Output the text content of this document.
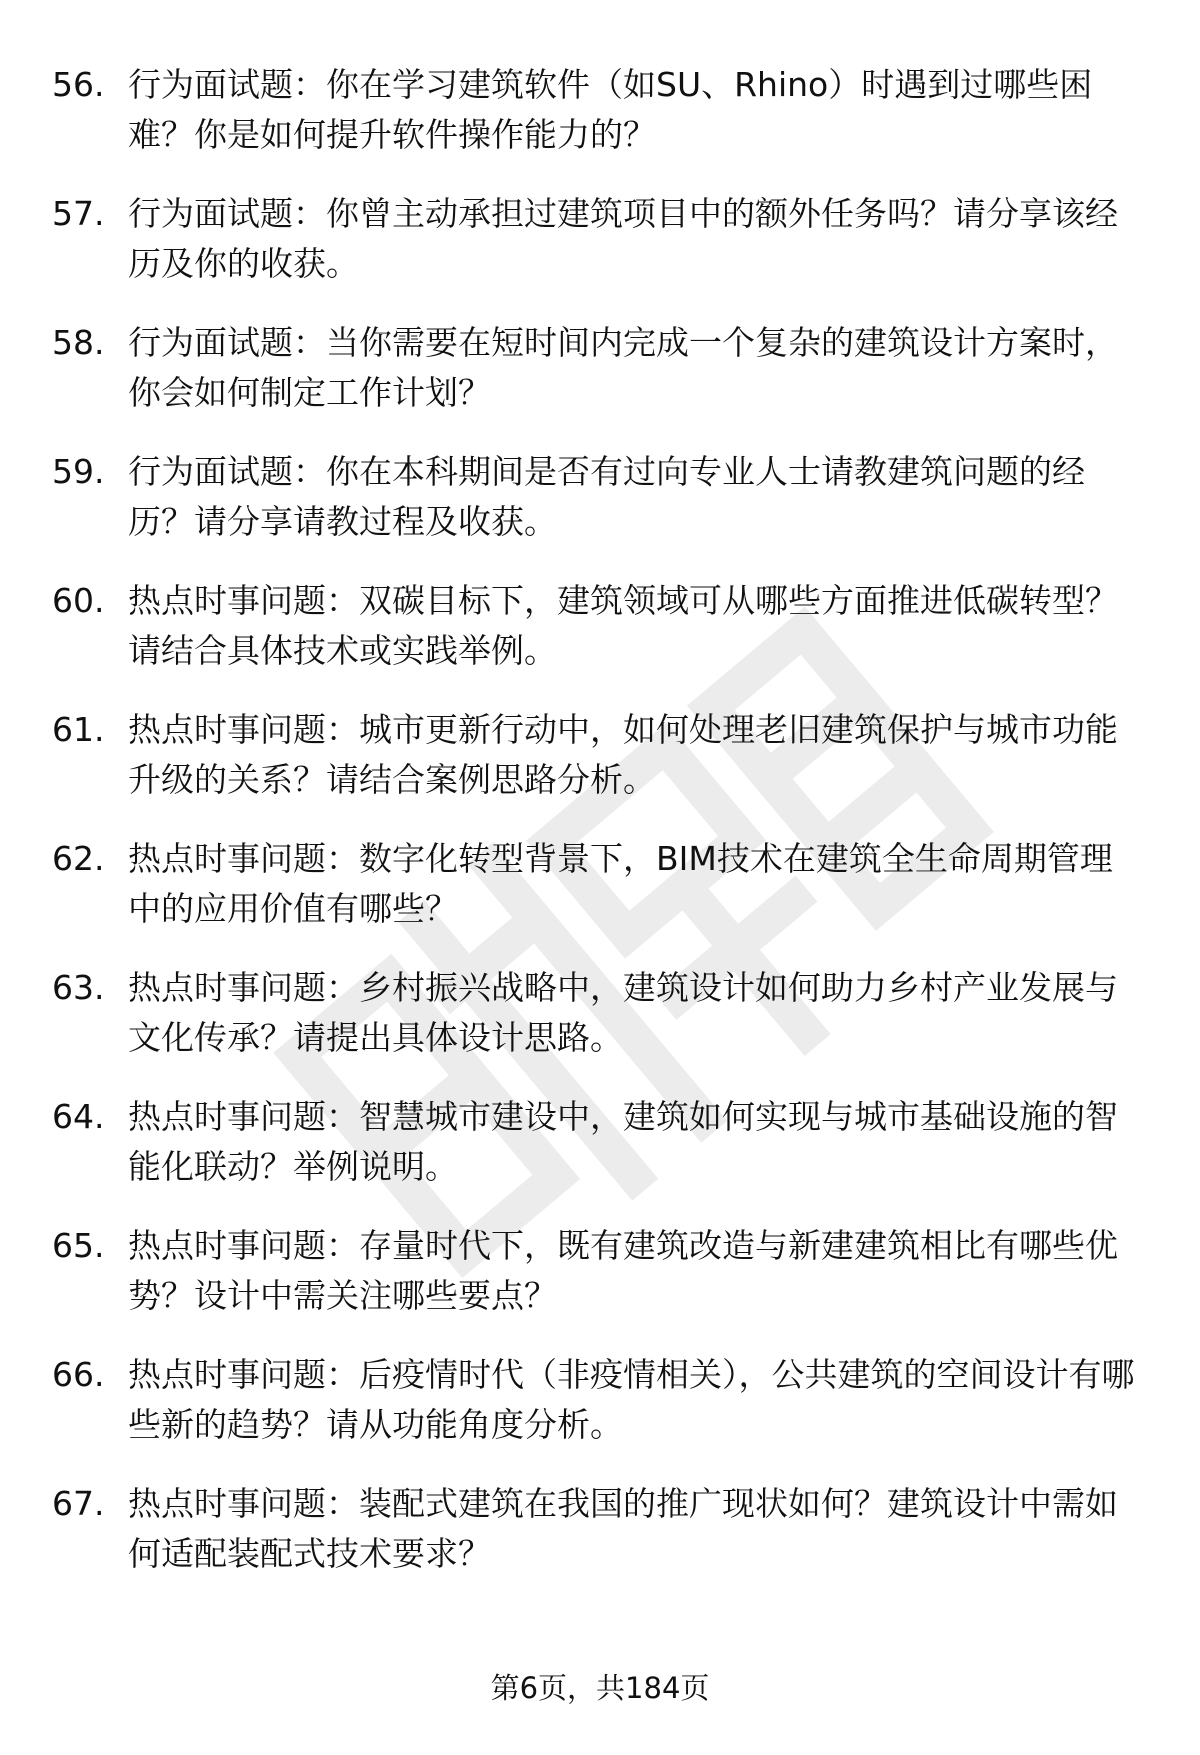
56. 行为面试题：你在学习建筑软件（如SU、Rhino）时遇到过哪些困难？你是如何提升软件操作能力的？

57. 行为面试题：你曾主动承担过建筑项目中的额外任务吗？请分享该经历及你的收获。

58. 行为面试题：当你需要在短时间内完成一个复杂的建筑设计方案时，你会如何制定工作计划？

59. 行为面试题：你在本科期间是否有过向专业人士请教建筑问题的经历？请分享请教过程及收获。

60. 热点时事问题：双碳目标下，建筑领域可从哪些方面推进低碳转型？请结合具体技术或实践举例。

61. 热点时事问题：城市更新行动中，如何处理老旧建筑保护与城市功能升级的关系？请结合案例思路分析。

62. 热点时事问题：数字化转型背景下，BIM技术在建筑全生命周期管理中的应用价值有哪些？

63. 热点时事问题：乡村振兴战略中，建筑设计如何助力乡村产业发展与文化传承？请提出具体设计思路。

64. 热点时事问题：智慧城市建设中，建筑如何实现与城市基础设施的智能化联动？举例说明。

65. 热点时事问题：存量时代下，既有建筑改造与新建建筑相比有哪些优势？设计中需关注哪些要点？

66. 热点时事问题：后疫情时代（非疫情相关），公共建筑的空间设计有哪些新的趋势？请从功能角度分析。

67. 热点时事问题：装配式建筑在我国的推广现状如何？建筑设计中需如何适配装配式技术要求？

第6页，共184页
